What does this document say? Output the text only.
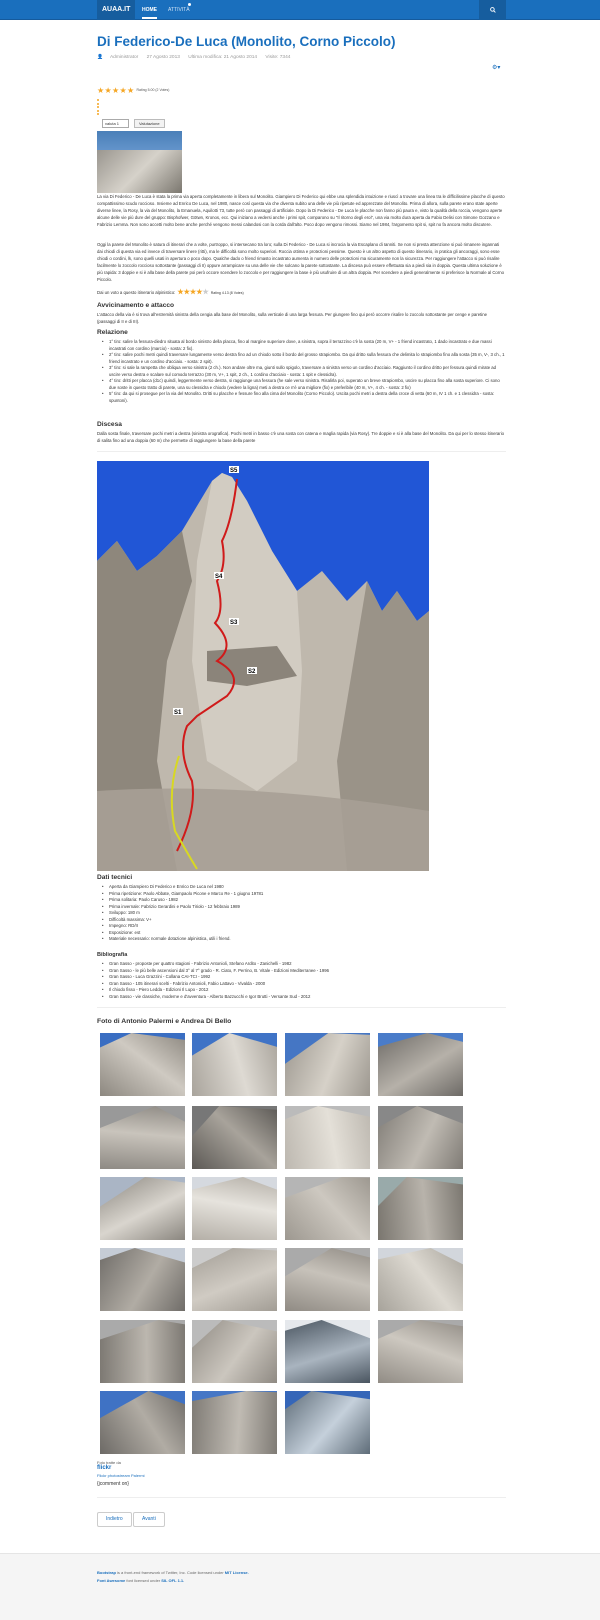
AUAA.IT	HOME ATTIVITÀ
Di Federico-De Luca (Monolito, Corno Piccolo)
👤 Administrator 27 Agosto 2013 Ultima modifica: 21 Agosto 2014 Visite: 7344
⚙▾
★ ★ ★ ★ ★ Rating 5.00 (2 Votes)
valuta 1	Valutazione
La via Di Federico - De Luca è stata la prima via aperta completamente in libera sul Monolito. Giampiero Di Federico qui ebbe una splendida intuizione e riuscì a trovare una linea tra le difficilissime placche di questo compattissimo scudo roccioso. Insieme ad Enrico De Luca, nel 1980, nasce così questa via che diventa subito una delle vie più ripetute ed apprezzate del Monolito. Prima di allora, sulla parete erano state aperte diverse linee, la Rosy, la via del Monolito, la Emanuela, Aquilotti 73, tutte però con passaggi di artificiale. Dopo la Di Federico - De Luca le placche non fanno più paura e, visto la qualità della roccia, vengono aperte alcune delle vie più dure del gruppo: Bisphofwer, Götwn, Kronos, ecc. Qui iniziano a vedersi anche i primi spit, comparono su "Il ritorno degli eroi", una via molto dura aperta da Fabio Delisi con Simone Gozzano e Fabrizio Lemma. Non sono accetti molto bene anche perché vengono messi calandosi con la corda dall'alto. Poco dopo vengono rimossi. Siamo nel 1984, l'argomento spit si, spit no fa ancora molto discutere.
Oggi la parete del Monolito è satura di itinerari che a volte, purtroppo, si intersecano tra loro; sulla Di Federico - De Luca si incrocia la via Escaplano di Ianniti. Se non si presta attenzione si può rimanere ingannati dai chiodi di questa via ed invece di traversare linere (ritti), ma le difficoltà sono molto superiori. Roccia ottima e protezioni pessime. Questo è un altro aspetto di questo itinerario, in pratica gli ancoraggi, sono esse chiodi o cordini, lk, sono quelli usati in apertura o poco dopo. Qualche dado o friend rimasto incastrato aumenta in numero delle protezioni ma sicuramente non la sicurezza. Per raggiungere l'attacco si può risalire facilmente lo zoccolo roccioso sottostante (passaggi di II) oppure arrampicare su una delle vie che solcano la parete sottostante. La discesa può essere effettuata sia a piedi sia in doppia. Questa ultima soluzione è più rapida: 3 doppie e si è alla base della parete poi però occore scendere lo zoccolo e per raggiungere la base è più usufruire di un altra doppia. Per scendere a piedi generalmente si preferisce la Normale al Corno Piccolo.
Dai un voto a questo itinerario alpinistico: ★ ★ ★ ★ ★ Rating 4.13 (8 Votes)
Avvicinamento e attacco
L'attacco della via è si trova all'estremità sinistra della cengia alla base del Monolito, sulla verticale di una larga fessura. Per giungere fino qui però occorre risalire lo zoccolo sottostante per cenge e paretine (passaggi di II e di III).
Relazione
• 1° tiro: salire la fessura-diedro situata al bordo sinistro della placca, fino al margine superiore dove, a sinistra, sopra il terrazzino c'è la sosta (20 m, V+ - 1 friend incastrato, 1 dado incastrato e due massi incastrati con cordino (marcio) - sosta: 2 fix).
• 2° tiro: salire pochi metri quindi traversare lungamente verso destra fino ad un chiodo sotto il bordo del grosso strapiombo. Da qui dritto sulla fessura che delimita lo strapiombo fino alla sosta (35 m, V-, 3 ch., 1 friend incastrato e un cordino d'acciaio. - sosta: 2 spit).
• 3° tiro: si sale la rampetta che obliqua verso sinistra (2 ch.). Non andare oltre ma, giunti sullo spigolo, traversare a sinistra verso un cordino d'acciaio. Raggiunto il cordino dritto per fessura quindi mirate ad uscire verso destra e scalare sul comodo terrazzo (30 m, V+, 1 spit, 2 ch., 1 cordino d'acciaio - sosta: 1 spit e clessidra).
• 4° tiro: dritti per placca (d1c) quindi, leggermente verso destra, si raggiunge una fessura (he sale verso sinistra. Risalirla poi, superato un breve strapiombo, uscire su placca fino alla sosta superiore. Ci sono due soste in questo tratto di parete, una su clessidra e chiodo (vedere la ligna) meti a destra ce n'è una migliore (fix) e preferibile (40 m, V+, 4 ch. - sosta: 2 fix)
• 5° tiro: da qui si prosegue per la via del Monolito. Dritti su placche e fessure fino alla cima del Monolito (Corno Piccolo). Uscita pochi metri a destra della croce di vetta (60 m, IV 1 ch. e 1 clessidra - sosta: spuntoni).
Discesa
Dalla sosta finale, traversare pochi metri a destra (sinistra orografica). Pochi metri in basso c'è una sosta con catena e maglia rapida (via Rosy). Tre doppie e si è alla base del Monolito. Da qui per lo stesso itinerario di salita fino ad una doppia (60 m) che permette di raggiungere la base della parete
S5
S4
S3
S2
S1
Dati tecnici
• Aperta da Giampiero Di Federico e Enrico De Luca nel 1980
• Prima ripetizione: Paolo Abbate, Giampaolo Picone e Marco Re - 1 giugno 19781
• Prima solitaria: Paolo Caruso - 1982
• Prima invernale: Fabrizio Gerardini e Paolo Tiriolo - 12 febbraio 1989
• Sviluppo: 180 m
• Difficoltà massima: V+
• Impegno: RD/II
• Esposizione: est
• Materiale necessario: normale dotazione alpinistica, utili i friend.
Bibliografia
• Gran Sasso - proposte per quattro stagioni - Fabrizio Antonioli, Stefano Ardito - Zanichelli - 1982
• Gran Sasso - le più belle ascensioni dal 3° al 7° grado - R. Ciato, F. Perrino, B. Vitale - Edizioni Mediterranee - 1996
• Gran Sasso - Luca Grazzini - Collana CAI-TCI - 1992
• Gran Sasso - 105 itinerari scelti - Fabrizio Antonioli, Fabio Lattavo - Vivalda - 2000
• Il chiodo fisso - Piero Ledda - Edizioni Il Lupo - 2012
• Gran Sasso - vie classiche, moderne e d'avventura - Alberto Bazzucchi e Igor Brutti - Versante Sud - 2012
Foto di Antonio Palermi e Andrea Di Bello
Foto tratte da
flickr
Flickr photostream Palermi
{jcomment on}
Indietro	Avanti

Bootstrap is a front-end framework of Twitter, Inc. Code licensed under MIT License.

Font Awesome font licensed under SIL OFL 1.1.
